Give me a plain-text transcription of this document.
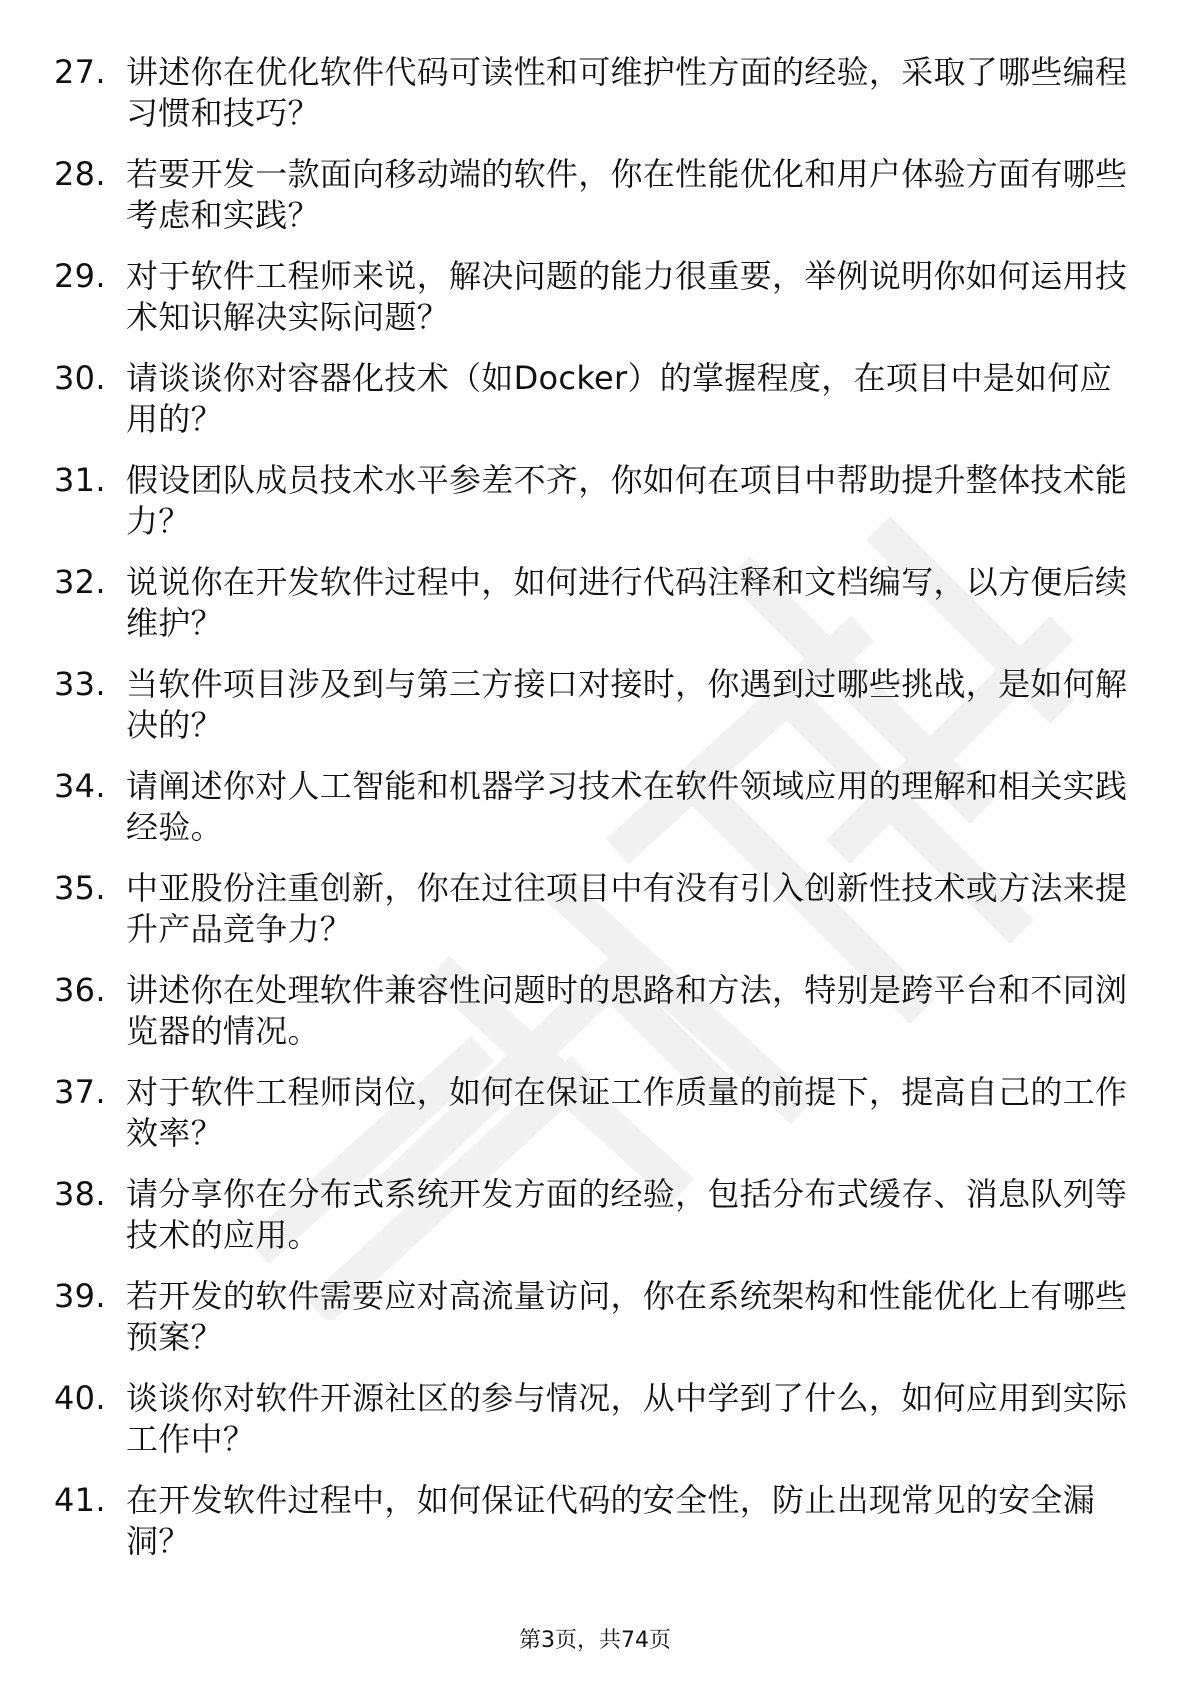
27. 讲述你在优化软件代码可读性和可维护性方面的经验，采取了哪些编程习惯和技巧？
28. 若要开发一款面向移动端的软件，你在性能优化和用户体验方面有哪些考虑和实践？
29. 对于软件工程师来说，解决问题的能力很重要，举例说明你如何运用技术知识解决实际问题？
30. 请谈谈你对容器化技术（如Docker）的掌握程度，在项目中是如何应用的？
31. 假设团队成员技术水平参差不齐，你如何在项目中帮助提升整体技术能力？
32. 说说你在开发软件过程中，如何进行代码注释和文档编写，以方便后续维护？
33. 当软件项目涉及到与第三方接口对接时，你遇到过哪些挑战，是如何解决的？
34. 请阐述你对人工智能和机器学习技术在软件领域应用的理解和相关实践经验。
35. 中亚股份注重创新，你在过往项目中有没有引入创新性技术或方法来提升产品竞争力？
36. 讲述你在处理软件兼容性问题时的思路和方法，特别是跨平台和不同浏览器的情况。
37. 对于软件工程师岗位，如何在保证工作质量的前提下，提高自己的工作效率？
38. 请分享你在分布式系统开发方面的经验，包括分布式缓存、消息队列等技术的应用。
39. 若开发的软件需要应对高流量访问，你在系统架构和性能优化上有哪些预案？
40. 谈谈你对软件开源社区的参与情况，从中学到了什么，如何应用到实际工作中？
41. 在开发软件过程中，如何保证代码的安全性，防止出现常见的安全漏洞？
第3页，共74页
